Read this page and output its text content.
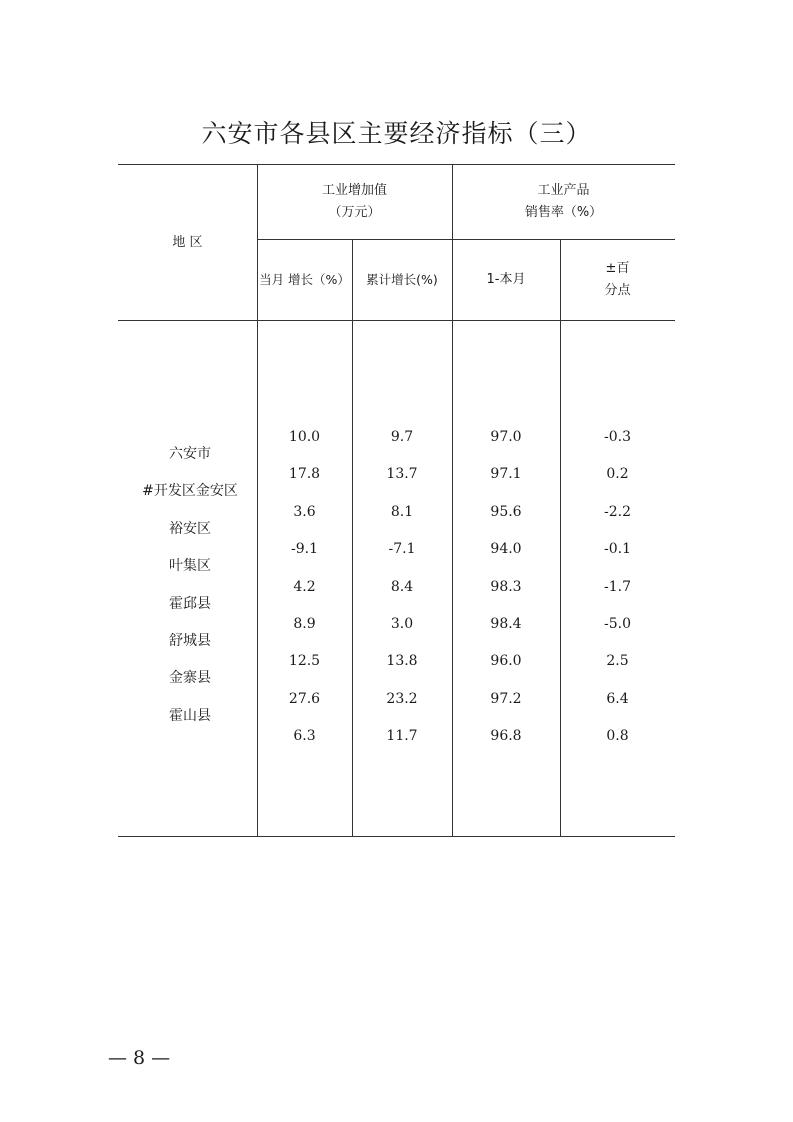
六安市各县区主要经济指标（三）
地 区
工业增加值
（万元）
工业产品
销售率（%）
当月 增长（%）	累计增长(%)	1-本月
±百
分点
六安市
#开发区金安区
裕安区
叶集区
霍邱县
舒城县
金寨县
霍山县
10.0
17.8
3.6
-9.1
4.2
8.9
12.5
27.6
6.3
9.7
13.7
8.1
-7.1
8.4
3.0
13.8
23.2
11.7
97.0
97.1
95.6
94.0
98.3
98.4
96.0
97.2
96.8
-0.3
0.2
-2.2
-0.1
-1.7
-5.0
2.5
6.4
0.8
— 8 —
